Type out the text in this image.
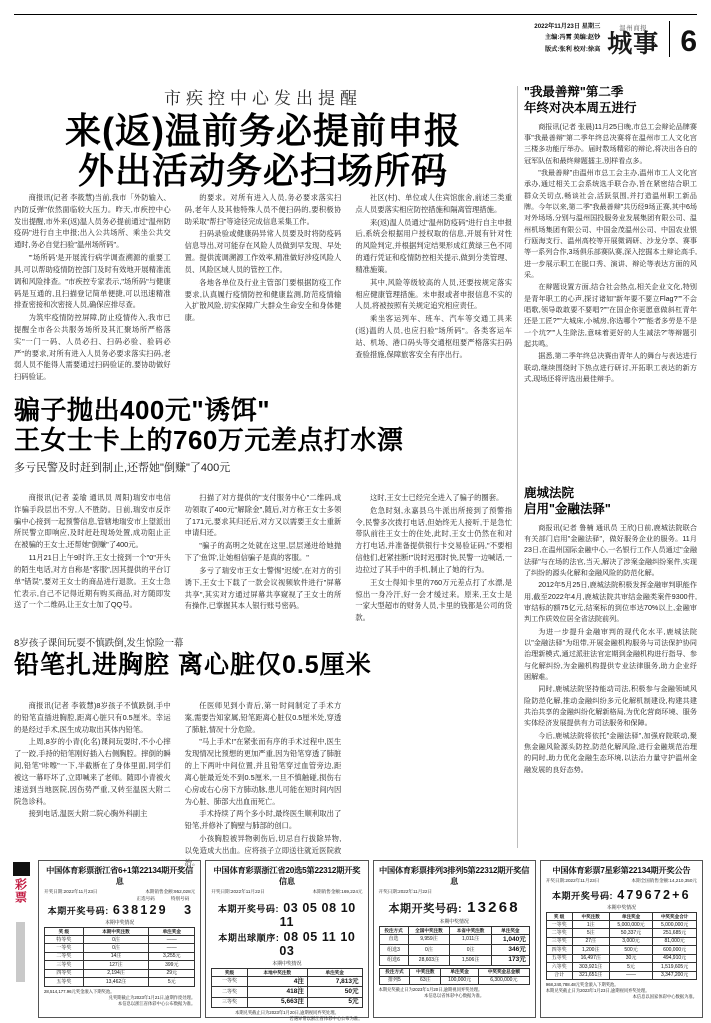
2022年11月23日 星期三
主编:冯霄 美编:赵钞
版式:张利 校对:徐高
温州商报
城事 6
市疾控中心发出提醒
来(返)温前务必提前申报
外出活动务必扫场所码

商报讯(记者 李筱慧)当前,我市「外防输入、内防反弹"依然面临较大压力。昨天,市疾控中心发出提醒,市外来(返)温人员务必提前通过"温州防疫码"进行自主申报;出入公共场所、乘坐公共交通时,务必自觉扫验"温州场所码"。

"'场所码'是开展流行病学调查溯源的重要工具,可以帮助疫情防控部门及时有效地开展精准流调和风险排查。"市疾控专家表示,"场所码"与健康码是互通的,且扫描登记简单便捷,可以迅速精准排查密接和次密接人员,确保应排尽查。

为筑牢疫情防控屏障,防止疫情传入,我市已提醒全市各公共服务场所及其汇聚场所严格落实"一门一码、人员必扫、扫码必验、验码必严"的要求,对所有进入人员务必要求落实扫码,老弱人员不能得人需要通过扫码验证的,要协助做好扫码验证。

的要求。对所有进入人员,务必要求落实扫码,老年人及其他特殊人员不便扫码的,要积极协助采取"帮扫"等途径完成信息采集工作。

扫码录验或健康码异常人员要及时将防疫码信息导出,对可能存在风险人员做到早发现、早处置。提供流调溯源工作效率,精准做好涉疫风险人员、风险区域人员的管控工作。

各地各单位及行业主管部门要根据防疫工作要求,认真履行疫情防控和健康监测,防范疫情输入扩散风险,切实保障广大群众生命安全和身体健康。

社区(村)、单位或人住宾馆旅舍,前述三类重点人员要落实相应防控措施和隔离管理措施。

来(返)温人员通过"温州防疫码"进行自主申报后,系统会根据用户授权取的信息,开展有针对性的风险判定,并根据判定结果形成红黄绿三色不同的通行凭证和疫情防控相关提示,做到分类管理、精准施策。

其中,风险等级较高的人员,还要按规定落实相应健康管理措施。未申报或者申报信息不实的人员,将被按照有关规定追究相应责任。

乘坐客运列车、班车、汽车等交通工具来(返)温的人员,也应扫验"场所码"。各类客运车站、机场、港口码头等交通枢纽要严格落实扫码查验措施,保障旅客安全有序出行。

骗子抛出400元"诱饵"
王女士卡上的760万元差点打水漂
多亏民警及时赶到制止,还帮她"倒赚"了400元

商报讯(记者 姜瑜 通讯员 周阳)瑞安市电信诈骗手段层出不穷,人不胜防。日前,瑞安市反诈骗中心接到一起预警信息,管辖地瑞安市上望派出所民警立即响应,及时赶赴现场处置,成功阻止正在被骗的王女士,还帮她"倒赚"了400元。

11月21日上午9时许,王女士接到一个"0"开头的陌生电话,对方自称是"客服",因其提供的平台订单"错误",要对王女士的商品进行退款。王女士急忙表示,自己不记得近期有购买商品,对方随即发送了一个二维码,让王女士加了QQ号。

扫描了对方提供的"支付服务中心"二维码,成功领取了400元"解除金",随后,对方称王女士多领了171元,要求其归还后,对方又以需要王女士重新申请归还。

"骗子的高明之处就在这里,层层递进给她抛下了'鱼饵',让她相信骗子是真的客服。"

多亏了瑞安市王女士警惕"迟缓",在对方的引诱下,王女士下载了一款会议视频软件进行"屏幕共享",其实对方通过屏幕共享窥视了王女士的所有操作,已掌握其本人银行账号密码。

这时,王女士已经完全进入了骗子的圈套。

危急时刻,永嘉县乌牛派出所接到了预警指令,民警多次拨打电话,但始终无人接听,于是急忙带队前往王女士的住处,此时,王女士仍然在和对方打电话,并准备提供银行卡交易验证码,"不要相信他们,赶紧挂断!"说时迟那时快,民警一边喊话,一边拉过了其手中的手机,制止了她的行为。

王女士得知卡里的760万元差点打了水漂,是惊出一身冷汗,好一会才缓过来。原来,王女士是一家大型超市的财务人员,卡里的钱都是公司的货款。

8岁孩子课间玩耍不慎跌倒,发生惊险一幕
铅笔扎进胸腔 离心脏仅0.5厘米

商报讯(记者 李筱慧)8岁孩子不慎跌倒,手中的铅笔直插进胸腔,距离心脏只有0.5厘米。幸运的是经过手术,医生成功取出其体内铅笔。

上周,8岁的小青(化名)课间玩耍时,不小心摔了一跤,手持的铅笔刚好插入右侧胸腔。摔倒的瞬间,铅笔"咔嚓"一下,半截断在了身体里面,同学们被这一幕吓坏了,立即喊来了老师。随即小青被火速送到当地医院,因伤势严重,又转至温医大附二院急诊科。

接到电话,温医大附二院心胸外科副主

任医师见到小青后,第一时间制定了手术方案,需要告知家属,铅笔距离心脏仅0.5厘米处,穿透了肺脏,情况十分危险。

"马上手术!"在紧张而有序的手术过程中,医生发现情况比预想的更加严重,因为铅笔穿透了肺脏的上下两叶中间位置,并且铅笔穿过血管旁边,距离心脏最近处不到0.5厘米,一旦不慎触碰,损伤右心房或右心房下方肺动脉,患儿可能在短时间内因为心脏、肺部大出血而死亡。

手术持续了两个多小时,最终医生顺利取出了铅笔,并修补了胸壁与肺部的创口。

小孩胸腔被异物刺伤后,切忌自行拔除异物,以免造成大出血。应将孩子立即送往就近医院救治。

"我最善辩"第二季
年终对决本周五进行

商报讯(记者 张晨)11月25日晚,市总工会辩论品牌赛事"我最善辩"第二季年终总决赛将在温州市工人文化宫三楼多功能厅举办。届时数场精彩的辩论,将决出各自的冠军队伍和最终辩题擂主,别样看点多。

"我最善辩"由温州市总工会主办,温州市工人文化宫承办,通过相关工会系统选手联合办,旨在紧密结合职工群众关切点,畅谈社会,活跃氛围,并打造温州职工新品牌。今年以来,第二季"我最善辩"共历经9场正赛,其中6场对外场场,分别与温州国投服务业发展集团有限公司、温州机场集团有限公司、中国金茂温州公司、中国农业银行瓯海支行、温州高校等开展微调研、沙龙分享、赛事等一系列合作,3场俱乐部赛队赛,深入挖掘本土辩论高手,进一步展示职工在脱口秀、演讲、辩论等表达方面的风采。

在辩题设置方面,结合社会热点,相关企业文化,特别是青年职工的心声,探讨诸如"新年要不要立Flag?""不会唱歌,领导敢敢要不要唱?""在国企你更愿意做斜杠青年还是工匠?""大城床,小城房,你选哪个?""能者多劳是不是一个坑?""人生除法,意味着更好的人生减法?"等辩题引起共鸣。

据悉,第二季年终总决赛由青年人的舞台与表达进行联动,继续围绕时下热点进行研讨,开拓职工表达的新方式,现场还将评选出最佳辩手。

鹿城法院
启用"金融法驿"

商报讯(记者 鲁楠 通讯员 王欣)日前,鹿城法院联合有关部门启用"金融法驿"，做好服务企业的服务。11月23日,在温州国际金融中心,一名银行工作人员通过"金融法驿"与在场的法官,当天,解决了涉案金融纠纷案件,实现了纠纷的源头化解和金融风险的防范化解。

2012年5月25日,鹿城法院积极发挥金融审判职能作用,截至2022年4月,鹿城法院共审结金融类案件9300件,审结标的额75亿元,结案标的到位率达70%以上,金融审判工作质效位居全省法院前列。

为进一步提升金融审判的现代化水平,鹿城法院以"金融法驿"为纽带,开展金融机构服务与司法保护协同治理新模式,通过派驻法官定期到金融机构进行指导、参与化解纠纷,为金融机构提供专业法律服务,助力企业纾困解难。

同时,鹿城法院坚持能动司法,积极参与金融领域风险防范化解,推动金融纠纷多元化解机制建设,构建共建共治共享的金融纠纷化解新格局,为优化营商环境、服务实体经济发展提供有力司法服务和保障。

今后,鹿城法院将依托"金融法驿",加强府院联动,聚焦金融风险源头防控,防范化解风险,进行金融规范治理的同时,助力优化金融生态环境,以法治力量守护温州金融发展的良好态势。

彩票
中国体育彩票浙江省6+1第22134期开奖信息
开奖日期:2022年11月23日	本期销售金额:952,028元
正选号码	特别号码
本期开奖号码: 638129 3
本期中奖情况
奖 级	本期中奖注数	单注奖金
特等奖	0注	——
一等奖	0注	——
二等奖	14注	3,255元
三等奖	127注	399元
四等奖	2,194注	29元
五等奖	13,462注	5元
28,514,177.96元奖金滚入下期奖池。
兑奖期截止为2023年1月21日,逾期作废处理。
本信息以浙江省体彩中心公布数据为准。
中国体育彩票浙江省20选5第22312期开奖信息
开奖日期:2022年11月22日	本期销售金额:169,224元
本期开奖号码: 03 05 08 10 11
本期出球顺序: 08 05 11 10 03
本期中奖情况
奖级	本地中奖注数	单注奖金
一等奖	4注	7,813元
二等奖	418注	50元
三等奖	5,663注	5元
本期兑奖截止日为2023年1月20日,逾期视同弃奖处理。
若遇异常以浙江省体彩中心公布为准。
中国体育彩票排列3排列5第22312期开奖信息
开奖日期:2022年11月22日
本期开奖号码: 13268
本期中奖情况
投注方式	全国中奖注数	本省中奖注数	单注奖金
直选	9,959注	1,011注	1,040元
组选3	0注	0注	346元
组选6	28,603注	1,506注	173元
投注方式	中奖注数	单注奖金	中奖奖金总金额
排列5	63注	100,000元	6,300,000元
本期兑奖截止日为2023年1月20日,逾期视同弃奖处理。
本信息以省体彩中心数据为准。
中国体育彩票7星彩第22134期开奖公告
开奖日期:2022年11月23日	本期全国销售金额:14,210,350元
本期开奖号码: 479672+6
本期中奖情况
奖 级	中奖注数	单注奖金	中奖奖金合计
一等奖	1注	5,000,000元	5,000,000元
二等奖	5注	50,337元	251,685元
三等奖	27注	3,000元	81,000元
四等奖	1,200注	500元	600,000元
五等奖	16,497注	30元	494,910元
六等奖	303,921注	5元	1,519,605元
合计	321,651注	——	3,347,200元
968,240,788.48元奖金滚入下期奖池。
本期兑奖截止日为2023年1月23日,逾期视同弃奖处理。
本信息以国家体彩中心数据为准。
